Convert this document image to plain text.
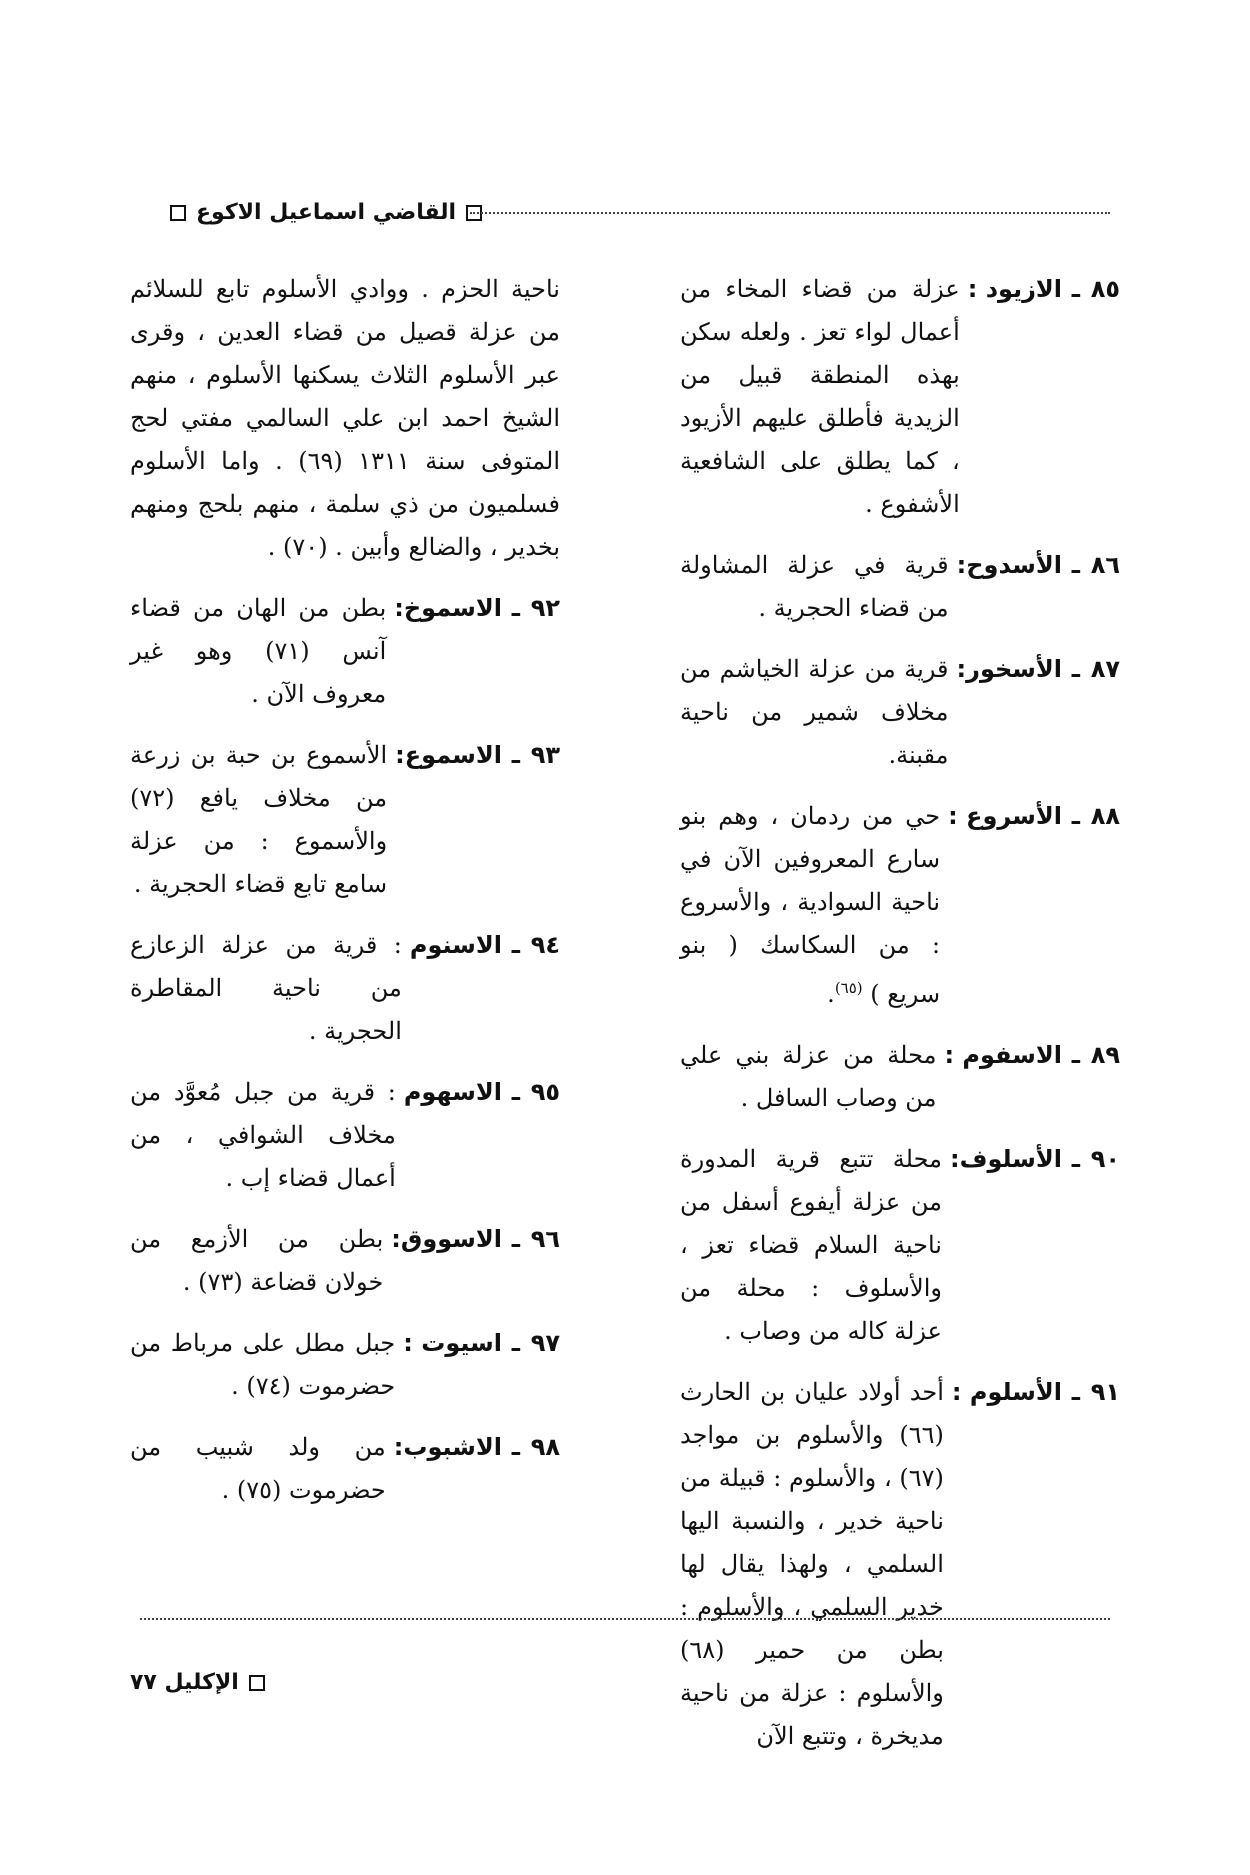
القاضي اسماعيل الاكوع
٨٥
ـ
الازيود :
عزلة من قضاء المخاء من أعمال لواء تعز . ولعله سكن بهذه المنطقة قبيل من الزيدية فأطلق عليهم الأزيود ، كما يطلق على الشافعية الأشفوع .
٨٦
ـ
الأسدوح:
قرية في عزلة المشاولة من قضاء الحجرية .
٨٧
ـ
الأسخور:
قرية من عزلة الخياشم من مخلاف شمير من ناحية مقبنة.
٨٨
ـ
الأسروع :
حي من ردمان ، وهم بنو سارع المعروفين الآن في ناحية السوادية ، والأسروع : من السكاسك ( بنو سريع ) $^{(٦٥)}$.
٨٩
ـ
الاسفوم :
محلة من عزلة بني علي من وصاب السافل .
٩٠
ـ
الأسلوف:
محلة تتبع قرية المدورة من عزلة أيفوع أسفل من ناحية السلام قضاء تعز ، والأسلوف : محلة من عزلة كاله من وصاب .
٩١
ـ
الأسلوم :
أحد أولاد عليان بن الحارث (٦٦) والأسلوم بن مواجد (٦٧) ، والأسلوم : قبيلة من ناحية خدير ، والنسبة اليها السلمي ، ولهذا يقال لها خدير السلمي ، والأسلوم : بطن من حمير (٦٨) والأسلوم : عزلة من ناحية مديخرة ، وتتبع الآن
ناحية الحزم . ووادي الأسلوم تابع للسلائم من عزلة قصيل من قضاء العدين ، وقرى عبر الأسلوم الثلاث يسكنها الأسلوم ، منهم الشيخ احمد ابن علي السالمي مفتي لحج المتوفى سنة ١٣١١ (٦٩) . واما الأسلوم فسلميون من ذي سلمة ، منهم بلحج ومنهم بخدير ، والضالع وأبين . (٧٠) .
٩٢
ـ
الاسموخ:
بطن من الهان من قضاء آنس (٧١) وهو غير معروف الآن .
٩٣
ـ
الاسموع:
الأسموع بن حبة بن زرعة من مخلاف يافع (٧٢) والأسموع : من عزلة سامع تابع قضاء الحجرية .
٩٤
ـ
الاسنوم
: قرية من عزلة الزعازع من ناحية المقاطرة الحجرية .
٩٥
ـ
الاسهوم
: قرية من جبل مُعوَّد من مخلاف الشوافي ، من أعمال قضاء إب .
٩٦
ـ
الاسووق:
بطن من الأزمع من خولان قضاعة (٧٣) .
٩٧
ـ
اسيوت :
جبل مطل على مرباط من حضرموت (٧٤) .
٩٨
ـ
الاشبوب:
من ولد شبيب من حضرموت (٧٥) .
الإكليل ٧٧
